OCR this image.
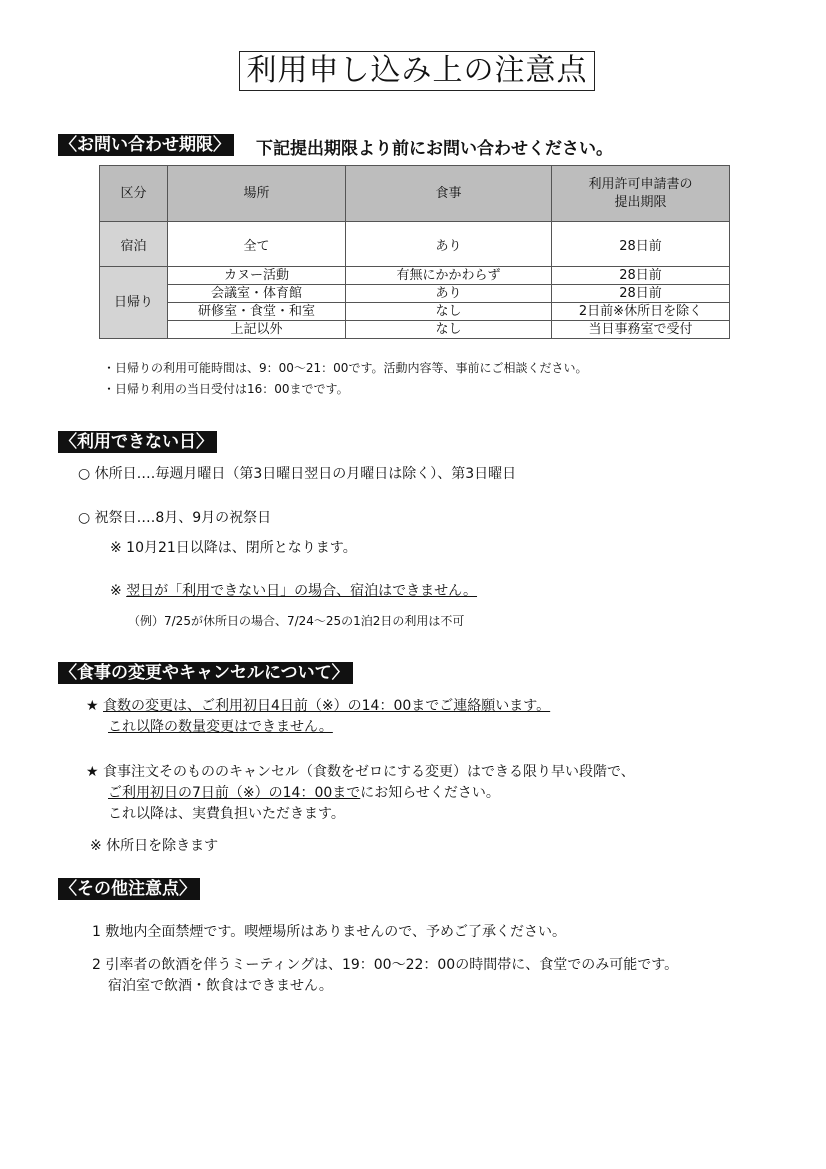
利用申し込み上の注意点
〈お問い合わせ期限〉 下記提出期限より前にお問い合わせください。
区分	場所	食事	利用許可申請書の
提出期限
宿泊	全て	あり	28日前
日帰り	カヌー活動	有無にかかわらず	28日前
	会議室・体育館	あり	28日前
	研修室・食堂・和室	なし	2日前※休所日を除く
	上記以外	なし	当日事務室で受付
・日帰りの利用可能時間は、9：00～21：00です。活動内容等、事前にご相談ください。
・日帰り利用の当日受付は16：00までです。
〈利用できない日〉
○ 休所日‥‥毎週月曜日（第3日曜日翌日の月曜日は除く）、第3日曜日
○ 祝祭日‥‥8月、9月の祝祭日
※ 10月21日以降は、閉所となります。
※ 翌日が「利用できない日」の場合、宿泊はできません。
（例）7/25が休所日の場合、7/24～25の1泊2日の利用は不可
〈食事の変更やキャンセルについて〉
★ 食数の変更は、ご利用初日4日前（※）の14：00までご連絡願います。
これ以降の数量変更はできません。
★ 食事注文そのもののキャンセル（食数をゼロにする変更）はできる限り早い段階で、
ご利用初日の7日前（※）の14：00までにお知らせください。
これ以降は、実費負担いただきます。
※ 休所日を除きます
〈その他注意点〉
1 敷地内全面禁煙です。喫煙場所はありませんので、予めご了承ください。
2 引率者の飲酒を伴うミーティングは、19：00～22：00の時間帯に、食堂でのみ可能です。
宿泊室で飲酒・飲食はできません。
